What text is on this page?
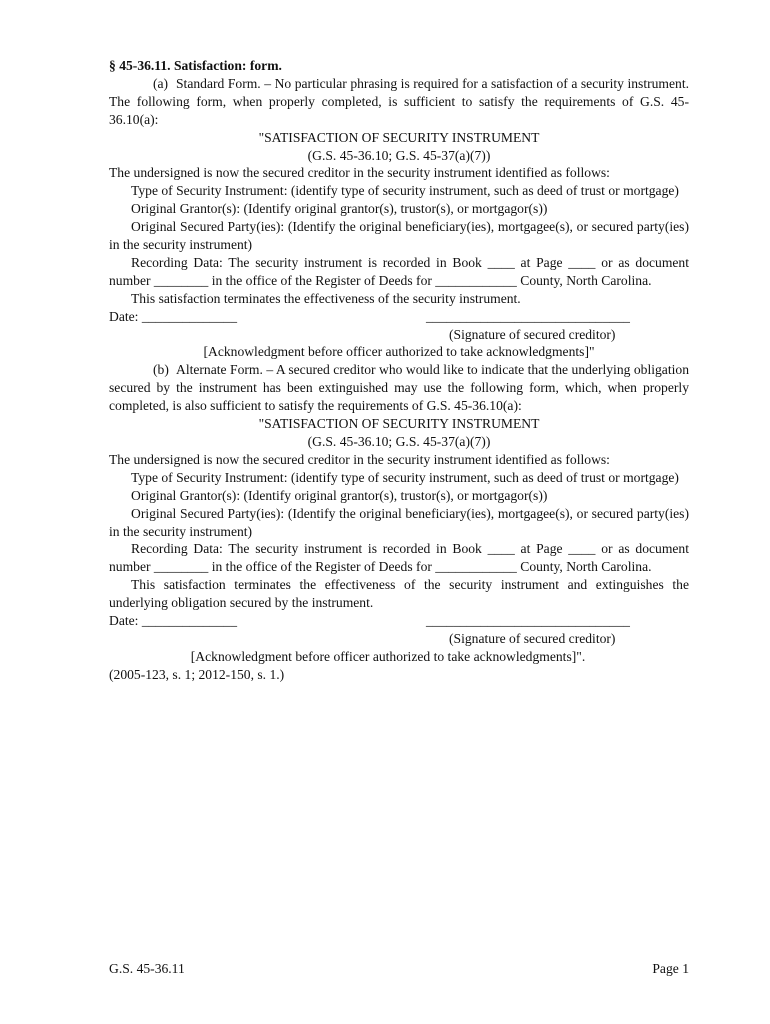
§ 45-36.11. Satisfaction: form.

(a) Standard Form. – No particular phrasing is required for a satisfaction of a security instrument. The following form, when properly completed, is sufficient to satisfy the requirements of G.S. 45-36.10(a):

"SATISFACTION OF SECURITY INSTRUMENT

(G.S. 45-36.10; G.S. 45-37(a)(7))

The undersigned is now the secured creditor in the security instrument identified as follows:

Type of Security Instrument: (identify type of security instrument, such as deed of trust or mortgage)

Original Grantor(s): (Identify original grantor(s), trustor(s), or mortgagor(s))

Original Secured Party(ies): (Identify the original beneficiary(ies), mortgagee(s), or secured party(ies) in the security instrument)

Recording Data: The security instrument is recorded in Book ____ at Page ____ or as document number ________ in the office of the Register of Deeds for ____________ County, North Carolina.

This satisfaction terminates the effectiveness of the security instrument.

Date: ______________	______________________________

(Signature of secured creditor)

[Acknowledgment before officer authorized to take acknowledgments]"

(b) Alternate Form. – A secured creditor who would like to indicate that the underlying obligation secured by the instrument has been extinguished may use the following form, which, when properly completed, is also sufficient to satisfy the requirements of G.S. 45-36.10(a):

"SATISFACTION OF SECURITY INSTRUMENT

(G.S. 45-36.10; G.S. 45-37(a)(7))

The undersigned is now the secured creditor in the security instrument identified as follows:

Type of Security Instrument: (identify type of security instrument, such as deed of trust or mortgage)

Original Grantor(s): (Identify original grantor(s), trustor(s), or mortgagor(s))

Original Secured Party(ies): (Identify the original beneficiary(ies), mortgagee(s), or secured party(ies) in the security instrument)

Recording Data: The security instrument is recorded in Book ____ at Page ____ or as document number ________ in the office of the Register of Deeds for ____________ County, North Carolina.

This satisfaction terminates the effectiveness of the security instrument and extinguishes the underlying obligation secured by the instrument.

Date: ______________	______________________________

(Signature of secured creditor)

[Acknowledgment before officer authorized to take acknowledgments]".

(2005-123, s. 1; 2012-150, s. 1.)

G.S. 45-36.11	Page 1
